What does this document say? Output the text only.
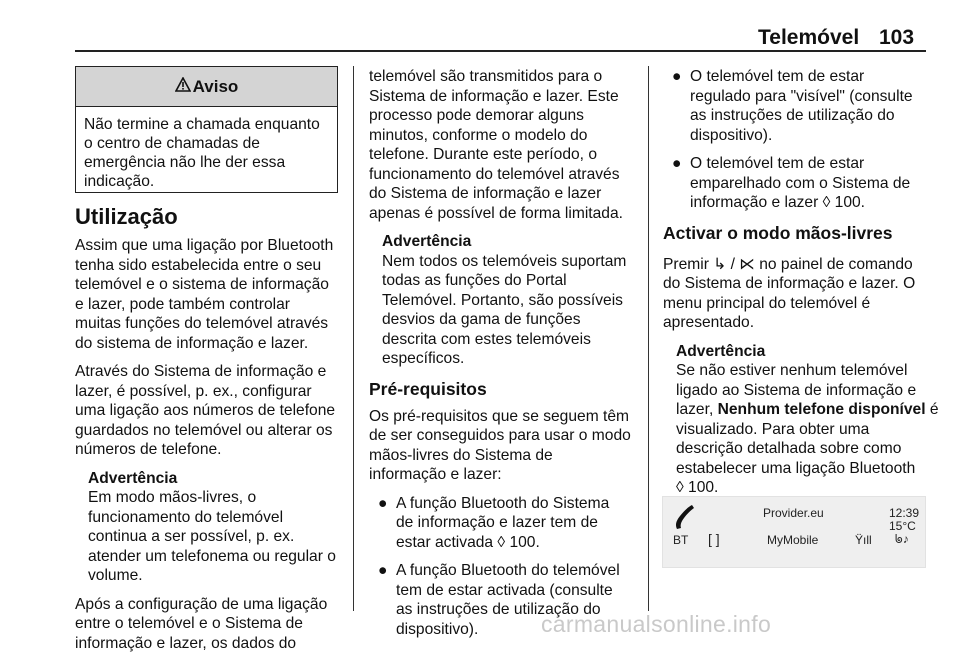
Telemóvel 103
Aviso
Não termine a chamada enquanto
o centro de chamadas de
emergência não lhe der essa
indicação.
Utilização

Assim que uma ligação por Bluetooth
tenha sido estabelecida entre o seu
telemóvel e o sistema de informação
e lazer, pode também controlar
muitas funções do telemóvel através
do sistema de informação e lazer.

Através do Sistema de informação e
lazer, é possível, p. ex., configurar
uma ligação aos números de telefone
guardados no telemóvel ou alterar os
números de telefone.

Advertência
Em modo mãos-livres, o
funcionamento do telemóvel
continua a ser possível, p. ex.
atender um telefonema ou regular o
volume.

Após a configuração de uma ligação
entre o telemóvel e o Sistema de
informação e lazer, os dados do

telemóvel são transmitidos para o
Sistema de informação e lazer. Este
processo pode demorar alguns
minutos, conforme o modelo do
telefone. Durante este período, o
funcionamento do telemóvel através
do Sistema de informação e lazer
apenas é possível de forma limitada.

Advertência
Nem todos os telemóveis suportam
todas as funções do Portal
Telemóvel. Portanto, são possíveis
desvios da gama de funções
descrita com estes telemóveis
específicos.

Pré-requisitos

Os pré-requisitos que se seguem têm
de ser conseguidos para usar o modo
mãos-livres do Sistema de
informação e lazer:

● A função Bluetooth do Sistema
de informação e lazer tem de
estar activada ◊ 100.
● A função Bluetooth do telemóvel
tem de estar activada (consulte
as instruções de utilização do
dispositivo).
● O telemóvel tem de estar
regulado para "visível" (consulte
as instruções de utilização do
dispositivo).
● O telemóvel tem de estar
emparelhado com o Sistema de
informação e lazer ◊ 100.
Activar o modo mãos-livres

Premir ↳ / ⋉ no painel de comando
do Sistema de informação e lazer. O
menu principal do telemóvel é
apresentado.

Advertência
Se não estiver nenhum telemóvel
ligado ao Sistema de informação e
lazer, Nenhum telefone disponível é
visualizado. Para obter uma
descrição detalhada sobre como
estabelecer uma ligação Bluetooth
◊ 100.

Provider.eu	12:39
15°C
BT [ ]	MyMobile	Ÿıll ᖚ♪
carmanualsonline.info
